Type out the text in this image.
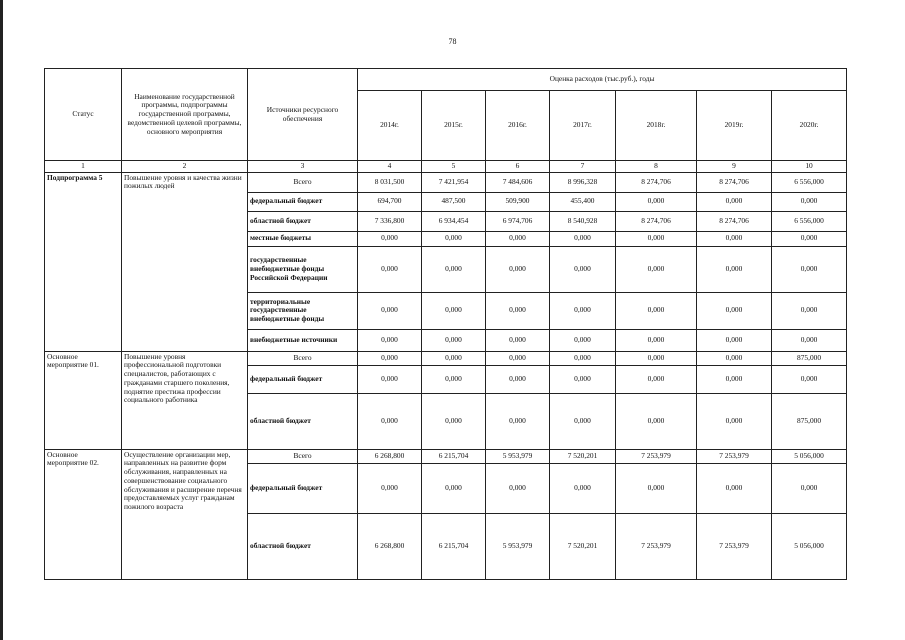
78
Статус	Наименование государственной программы, подпрограммы государственной программы, ведомственной целевой программы, основного мероприятия	Источники ресурсного обеспечения	Оценка расходов (тыс.руб.), годы						
			2014г.	2015г.	2016г.	2017г.	2018г.	2019г.	2020г.
1	2	3	4	5	6	7	8	9	10
Подпрограмма 5	Повышение уровня и качества жизни пожилых людей	Всего	8 031,500	7 421,954	7 484,606	8 996,328	8 274,706	8 274,706	6 556,000
		федеральный бюджет	694,700	487,500	509,900	455,400	0,000	0,000	0,000
		областной бюджет	7 336,800	6 934,454	6 974,706	8 540,928	8 274,706	8 274,706	6 556,000
		местные бюджеты	0,000	0,000	0,000	0,000	0,000	0,000	0,000
		государственные внебюджетные фонды Российской Федерации	0,000	0,000	0,000	0,000	0,000	0,000	0,000
		территориальные государственные внебюджетные фонды	0,000	0,000	0,000	0,000	0,000	0,000	0,000
		внебюджетные источники	0,000	0,000	0,000	0,000	0,000	0,000	0,000
Основное мероприятие 01.	Повышение уровня профессиональной подготовки специалистов, работающих с гражданами старшего поколения, поднятие престижа профессии социального работника	Всего	0,000	0,000	0,000	0,000	0,000	0,000	875,000
		федеральный бюджет	0,000	0,000	0,000	0,000	0,000	0,000	0,000
		областной бюджет	0,000	0,000	0,000	0,000	0,000	0,000	875,000
Основное мероприятие 02.	Осуществление организации мер, направленных на развитие форм обслуживания, направленных на совершенствование социального обслуживания и расширение перечня предоставляемых услуг гражданам пожилого возраста	Всего	6 268,800	6 215,704	5 953,979	7 520,201	7 253,979	7 253,979	5 056,000
		федеральный бюджет	0,000	0,000	0,000	0,000	0,000	0,000	0,000
		областной бюджет	6 268,800	6 215,704	5 953,979	7 520,201	7 253,979	7 253,979	5 056,000
